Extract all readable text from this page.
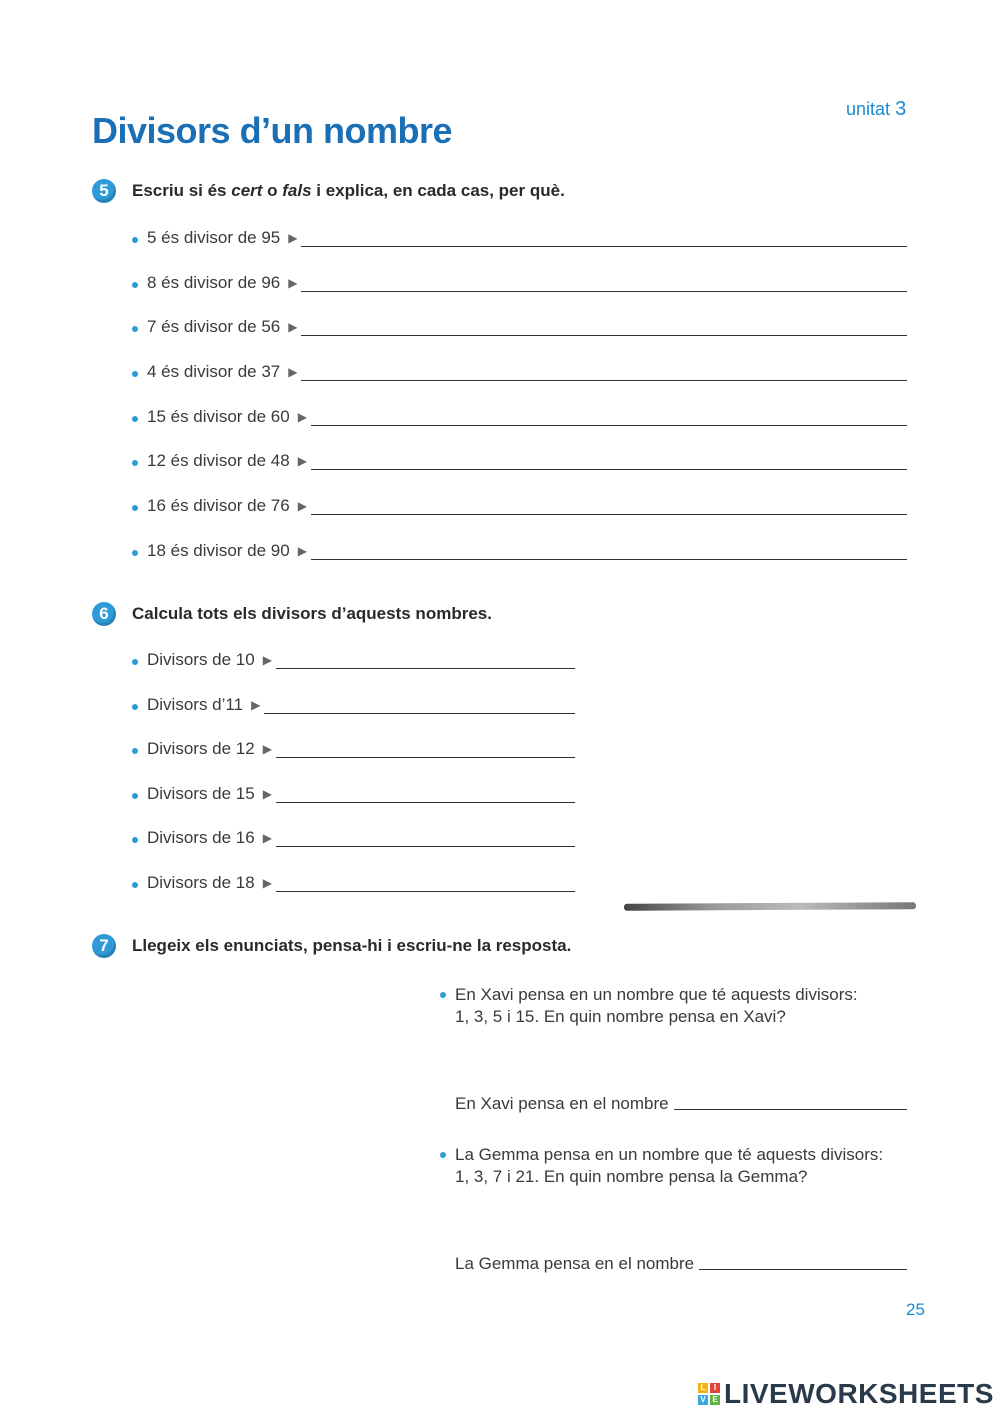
Divisors d’un nombre
unitat 3
5	Escriu si és cert o fals i explica, en cada cas, per què.
5 és divisor de 95 ▶
8 és divisor de 96 ▶
7 és divisor de 56 ▶
4 és divisor de 37 ▶
15 és divisor de 60 ▶
12 és divisor de 48 ▶
16 és divisor de 76 ▶
18 és divisor de 90 ▶
6	Calcula tots els divisors d’aquests nombres.
Divisors de 10 ▶
Divisors d’11 ▶
Divisors de 12 ▶
Divisors de 15 ▶
Divisors de 16 ▶
Divisors de 18 ▶
7	Llegeix els enunciats, pensa-hi i escriu-ne la resposta.
En Xavi pensa en un nombre que té aquests divisors:
1, 3, 5 i 15. En quin nombre pensa en Xavi?
En Xavi pensa en el nombre
La Gemma pensa en un nombre que té aquests divisors:
1, 3, 7 i 21. En quin nombre pensa la Gemma?
La Gemma pensa en el nombre
25
L	I
V E LIVEWORKSHEETS
